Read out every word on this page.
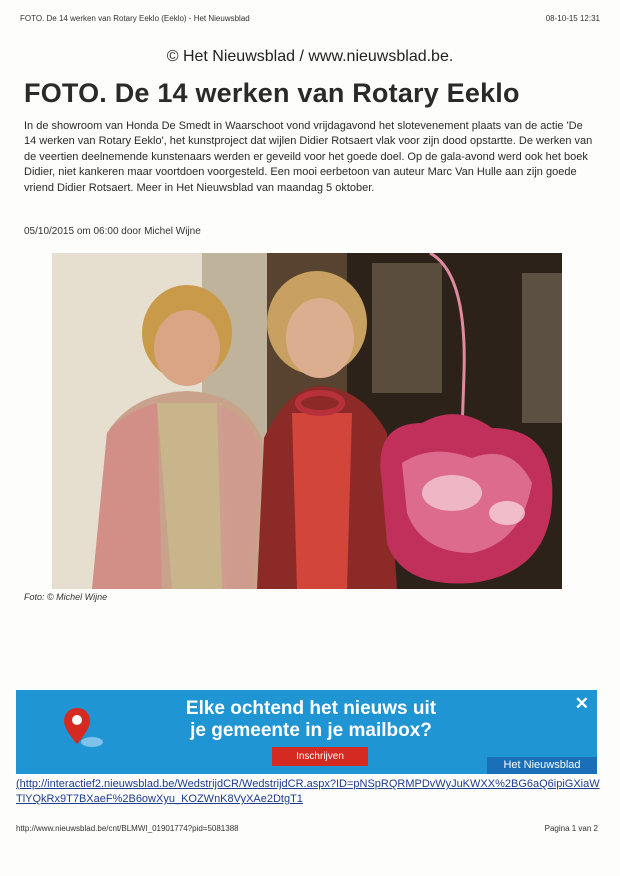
FOTO. De 14 werken van Rotary Eeklo (Eeklo) - Het Nieuwsblad	08-10-15 12:31
© Het Nieuwsblad / www.nieuwsblad.be.
FOTO. De 14 werken van Rotary Eeklo

In de showroom van Honda De Smedt in Waarschoot vond vrijdagavond het slotevenement plaats van de actie 'De 14 werken van Rotary Eeklo', het kunstproject dat wijlen Didier Rotsaert vlak voor zijn dood opstartte. De werken van de veertien deelnemende kunstenaars werden er geveild voor het goede doel. Op de gala-avond werd ook het boek Didier, niet kankeren maar voortdoen voorgesteld. Een mooi eerbetoon van auteur Marc Van Hulle aan zijn goede vriend Didier Rotsaert. Meer in Het Nieuwsblad van maandag 5 oktober.

05/10/2015 om 06:00 door Michel Wijne
Foto: © Michel Wijne
Elke ochtend het nieuws uit
je gemeente in je mailbox?
Inschrijven
✕
Het Nieuwsblad
(http://interactief2.nieuwsblad.be/WedstrijdCR/WedstrijdCR.aspx?ID=pNSpRQRMPDvWyJuKWXX%2BG6aQ6ipiGXiaWTlYQkRx9T7BXaeF%2B6owXyu_KOZWnK8VyXAe2DtgT1
http://www.nieuwsblad.be/cnt/BLMWI_01901774?pid=5081388	Pagina 1 van 2
